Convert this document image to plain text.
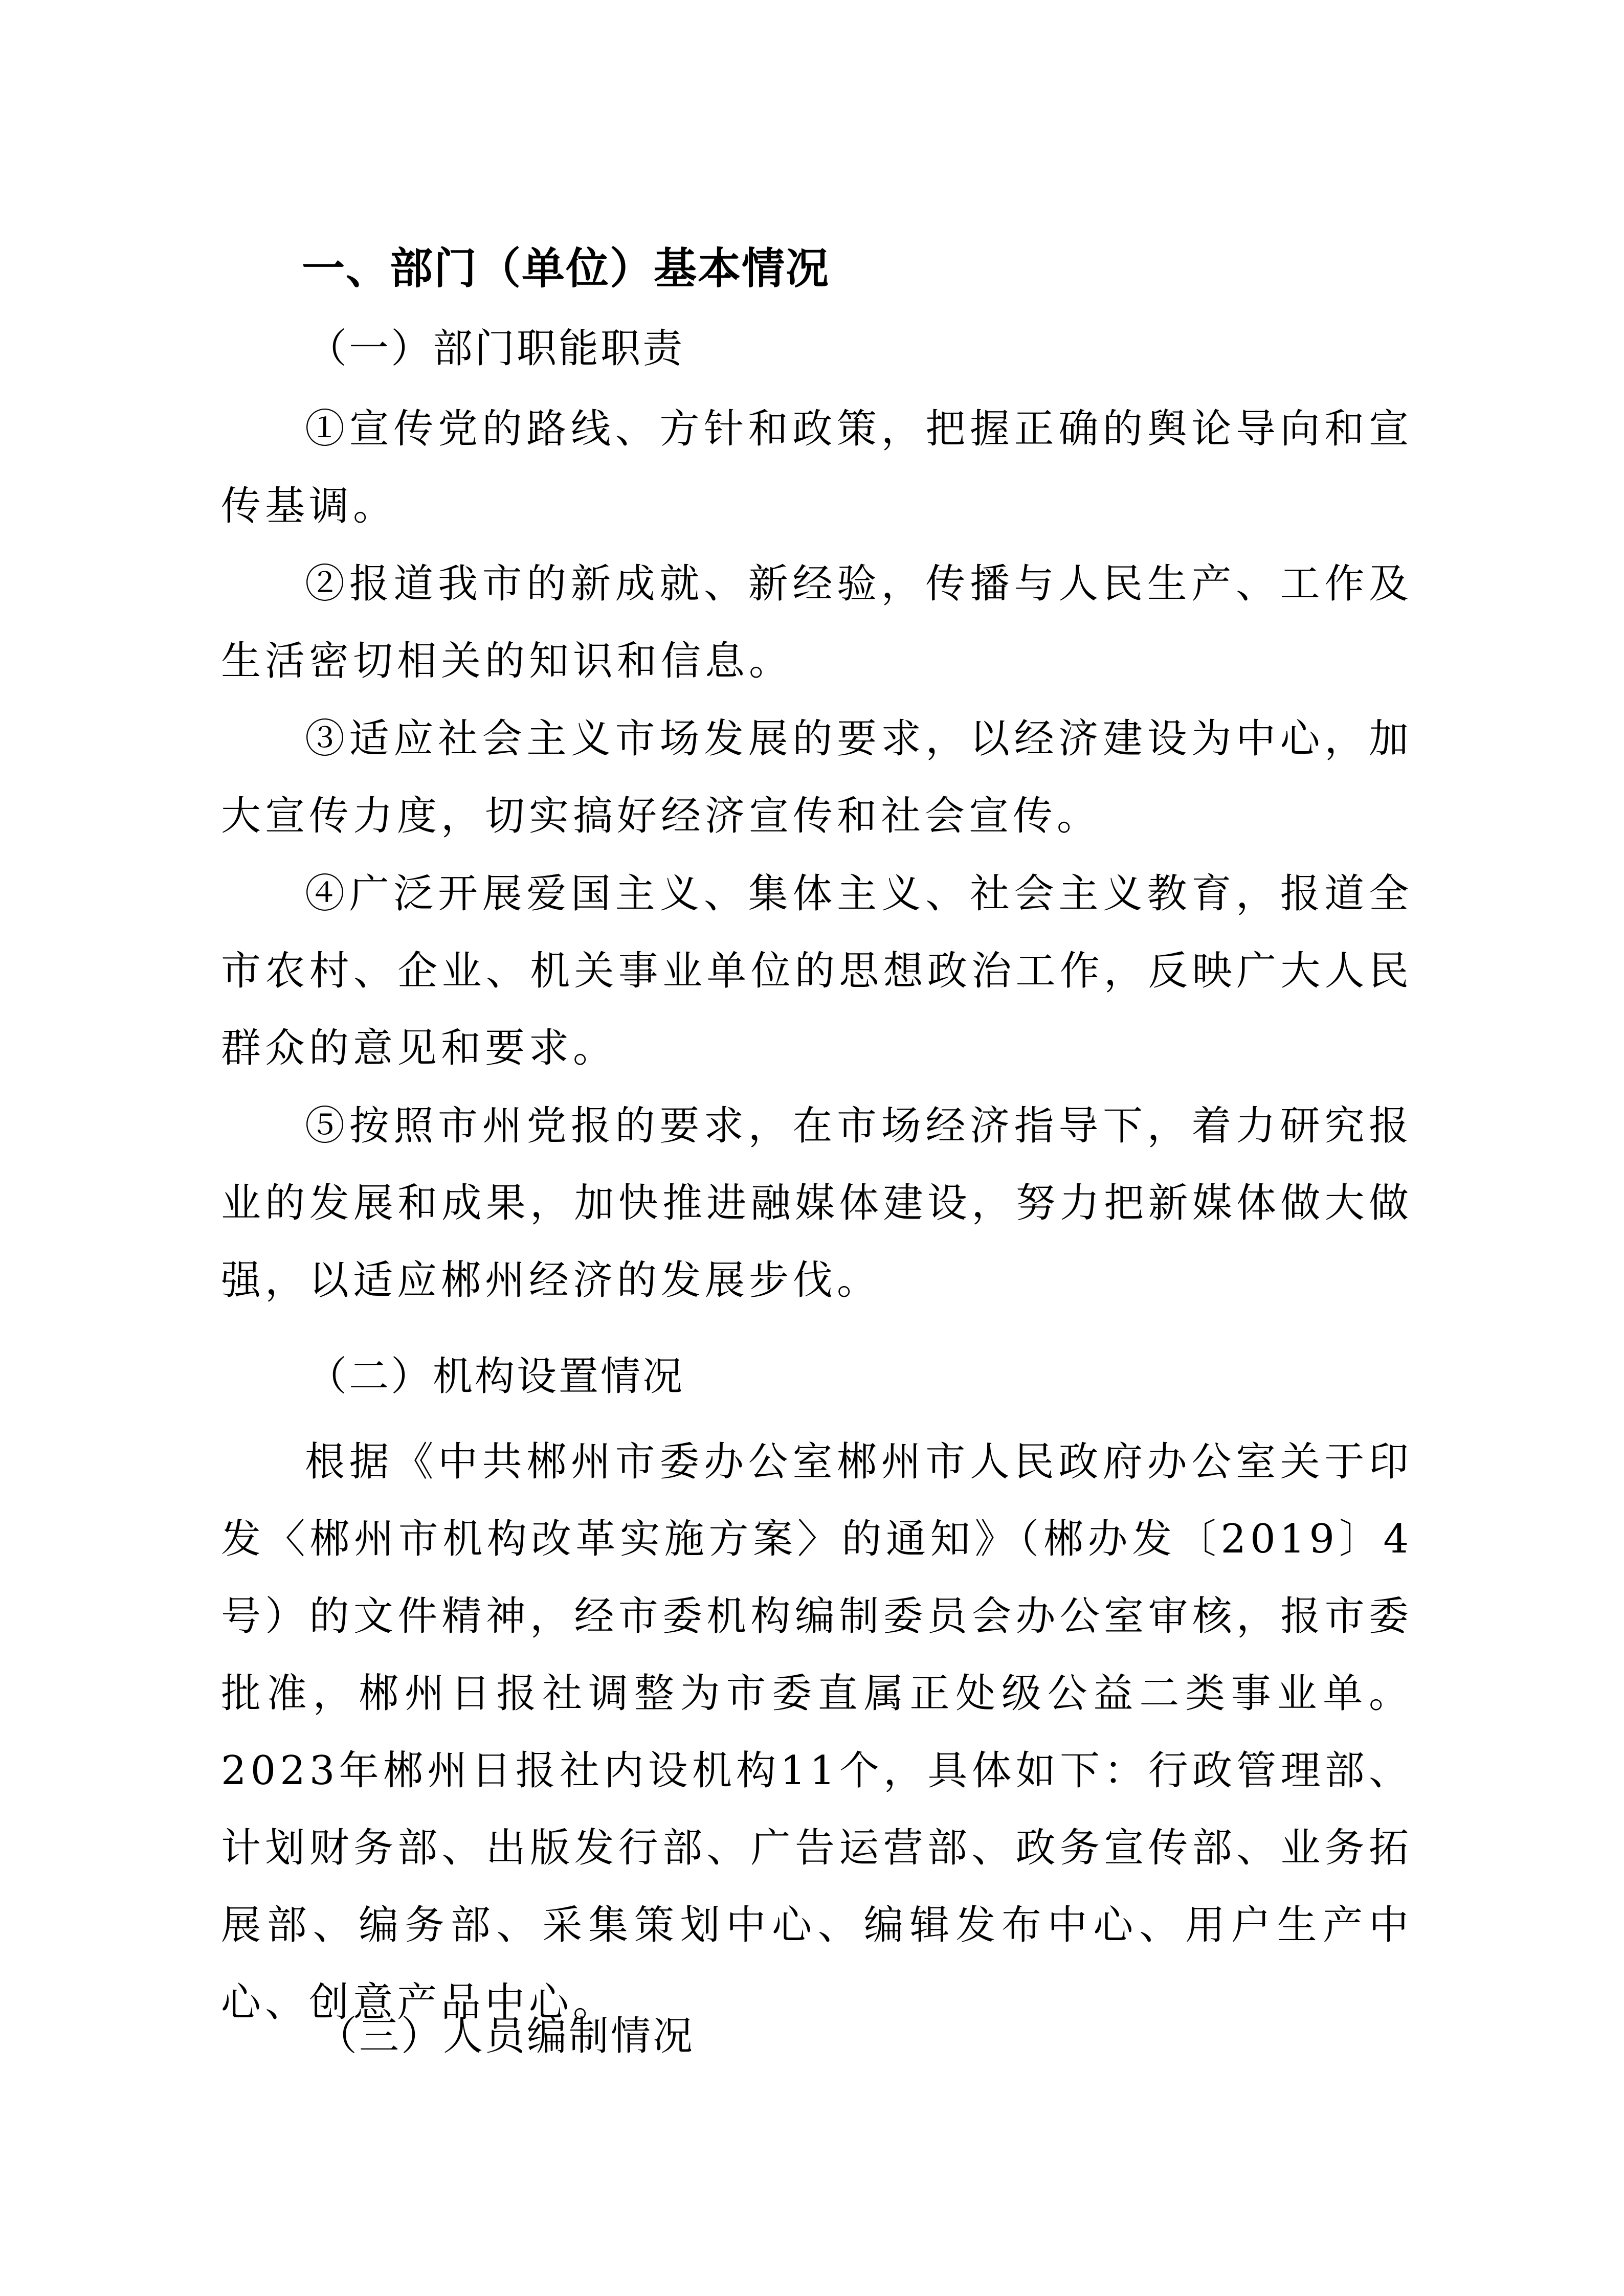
一、部门（单位）基本情况
（一）部门职能职责
①宣传党的路线、方针和政策，把握正确的舆论导向和宣传基调。
②报道我市的新成就、新经验，传播与人民生产、工作及生活密切相关的知识和信息。
③适应社会主义市场发展的要求，以经济建设为中心，加大宣传力度，切实搞好经济宣传和社会宣传。
④广泛开展爱国主义、集体主义、社会主义教育，报道全市农村、企业、机关事业单位的思想政治工作，反映广大人民群众的意见和要求。
⑤按照市州党报的要求，在市场经济指导下，着力研究报业的发展和成果，加快推进融媒体建设，努力把新媒体做大做强，以适应郴州经济的发展步伐。
（二）机构设置情况
根据《中共郴州市委办公室郴州市人民政府办公室关于印发〈郴州市机构改革实施方案〉的通知》（郴办发〔2019〕4号）的文件精神，经市委机构编制委员会办公室审核，报市委批准，郴州日报社调整为市委直属正处级公益二类事业单。2023年郴州日报社内设机构11个，具体如下：行政管理部、计划财务部、出版发行部、广告运营部、政务宣传部、业务拓展部、编务部、采集策划中心、编辑发布中心、用户生产中心、创意产品中心。
（三）人员编制情况
